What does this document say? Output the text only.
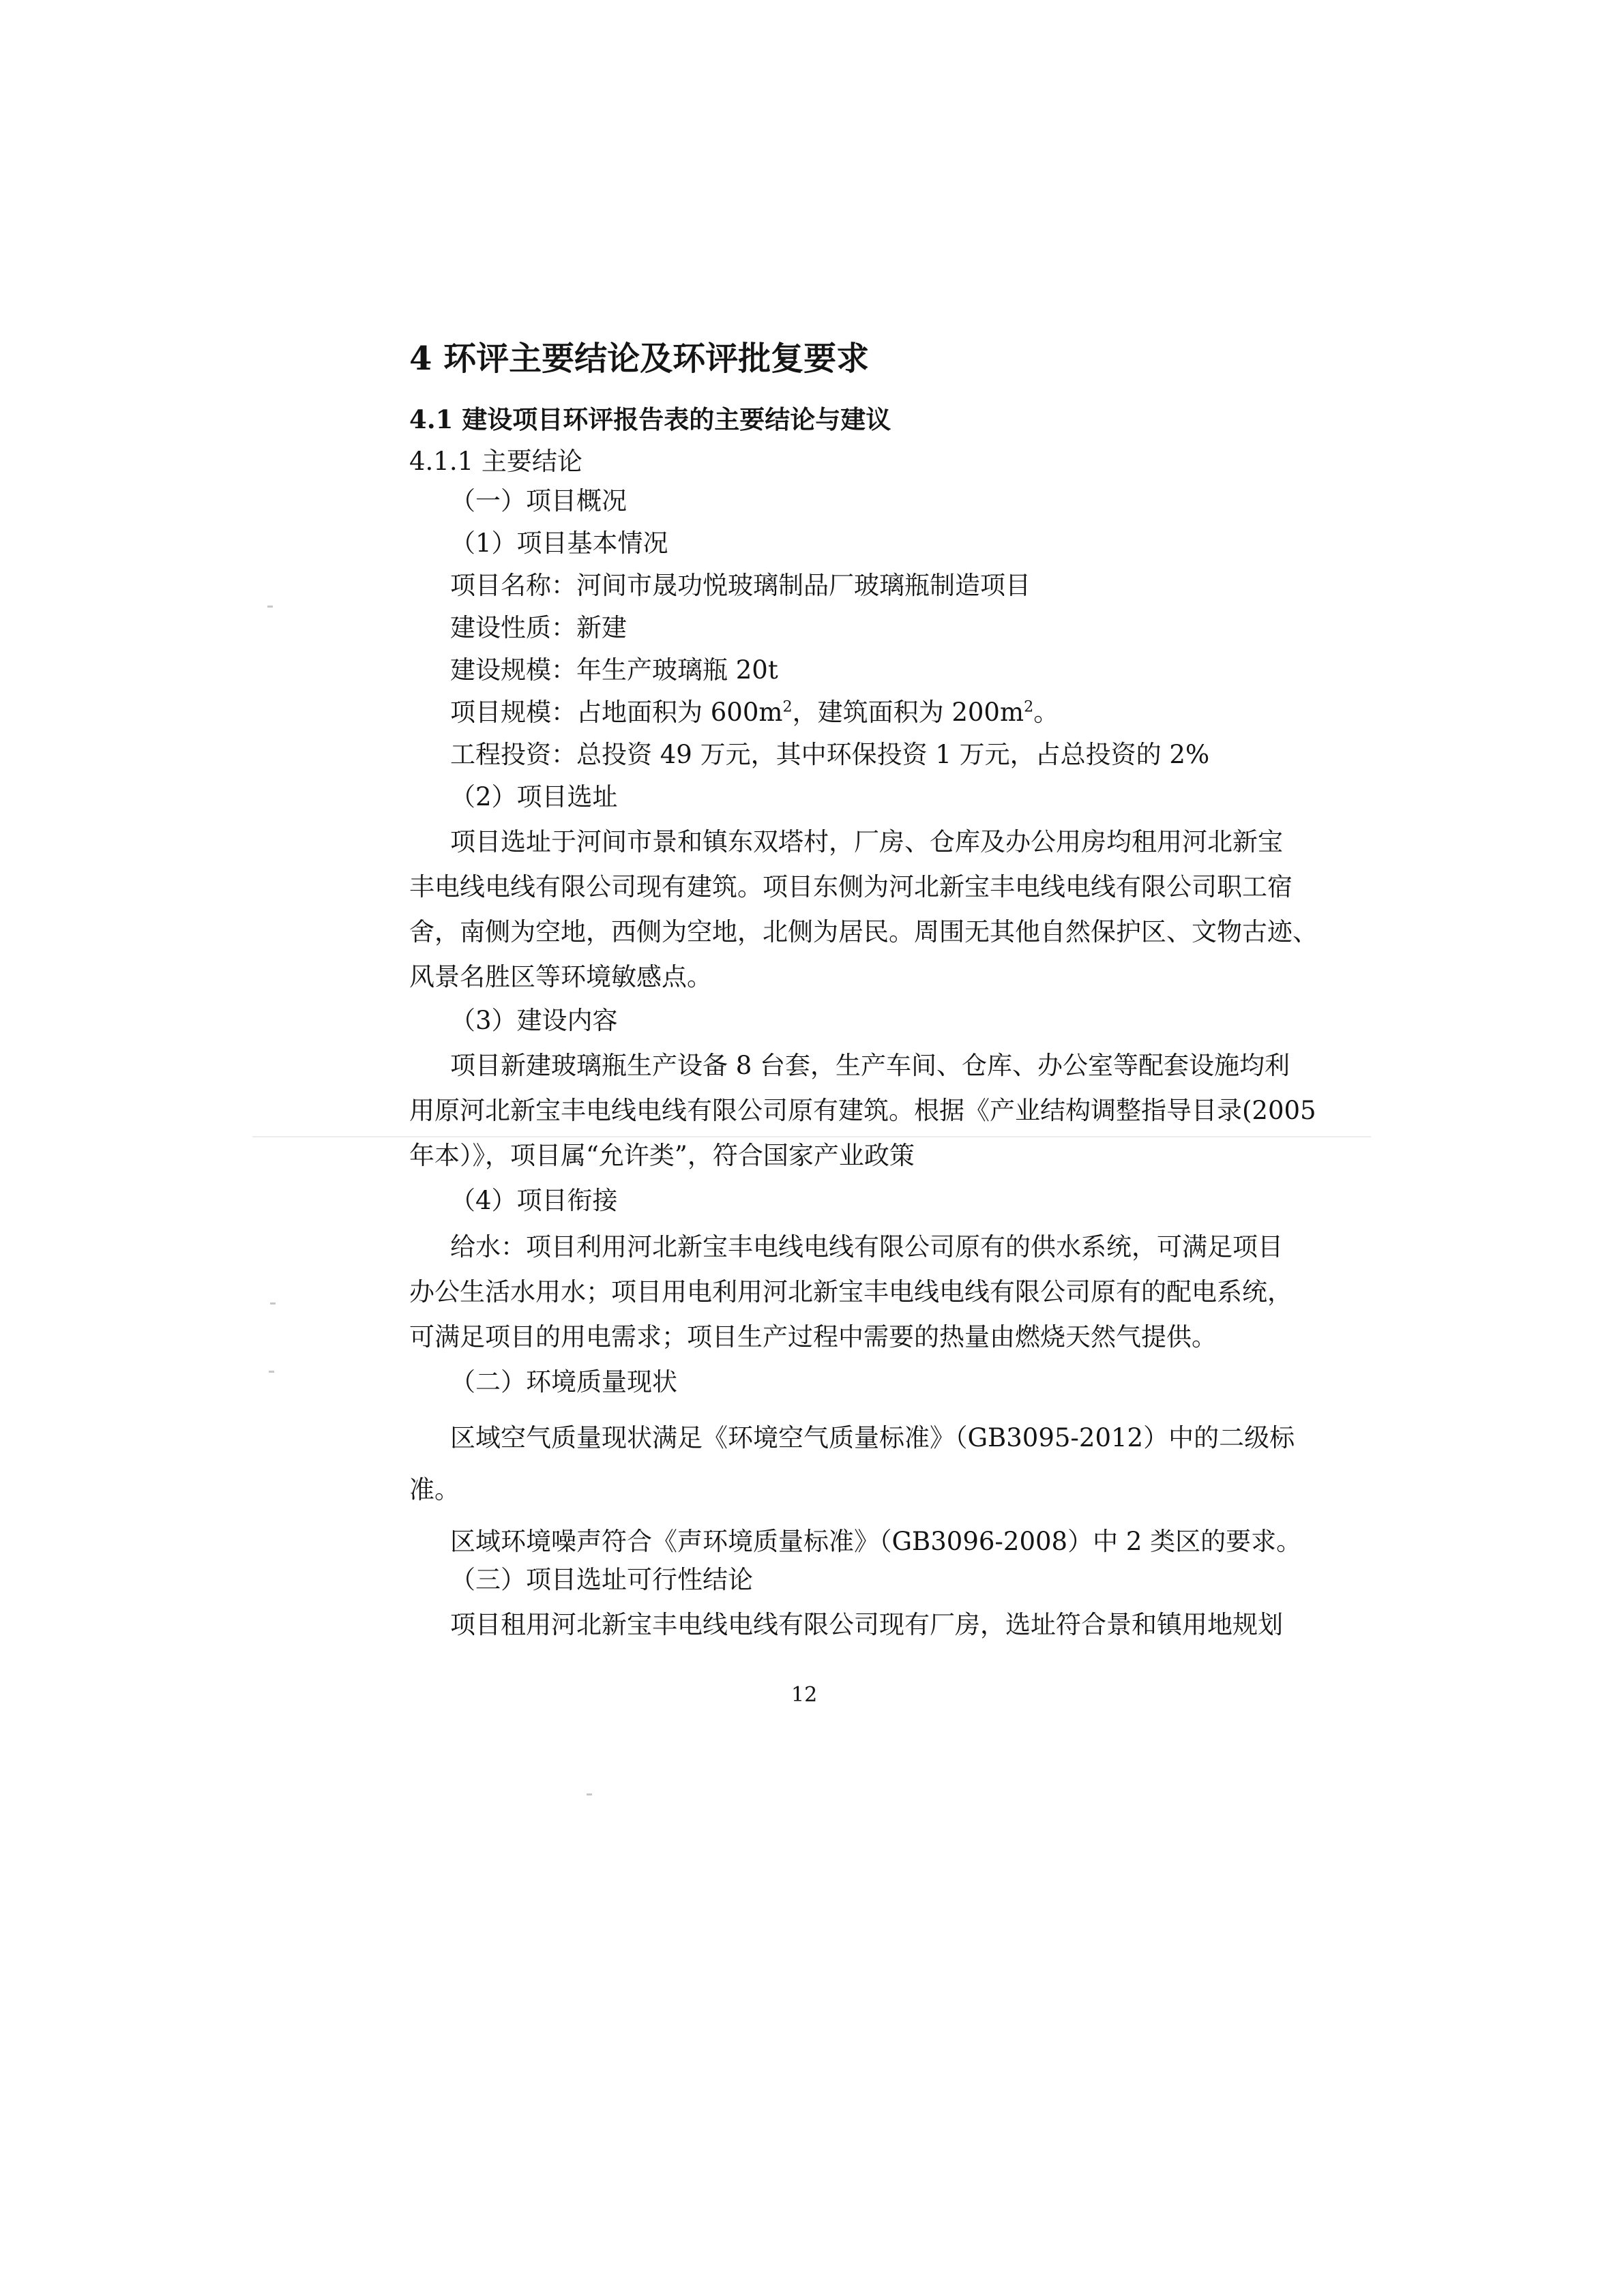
4 环评主要结论及环评批复要求
4.1 建设项目环评报告表的主要结论与建议
4.1.1 主要结论
（一）项目概况
（1）项目基本情况
项目名称：河间市晟功悦玻璃制品厂玻璃瓶制造项目
建设性质：新建
建设规模：年生产玻璃瓶 20t
项目规模：占地面积为 $600m^2$，建筑面积为 $200m^2$。
工程投资：总投资 49 万元，其中环保投资 1 万元，占总投资的 2%
（2）项目选址
项目选址于河间市景和镇东双塔村，厂房、仓库及办公用房均租用河北新宝
丰电线电线有限公司现有建筑。项目东侧为河北新宝丰电线电线有限公司职工宿
舍，南侧为空地，西侧为空地，北侧为居民。周围无其他自然保护区、文物古迹、
风景名胜区等环境敏感点。
（3）建设内容
项目新建玻璃瓶生产设备 8 台套，生产车间、仓库、办公室等配套设施均利
用原河北新宝丰电线电线有限公司原有建筑。根据《产业结构调整指导目录(2005
年本）》，项目属“允许类”，符合国家产业政策
（4）项目衔接
给水：项目利用河北新宝丰电线电线有限公司原有的供水系统，可满足项目
办公生活水用水；项目用电利用河北新宝丰电线电线有限公司原有的配电系统，
可满足项目的用电需求；项目生产过程中需要的热量由燃烧天然气提供。
（二）环境质量现状
区域空气质量现状满足《环境空气质量标准》（GB3095-2012）中的二级标
准。
区域环境噪声符合《声环境质量标准》（GB3096-2008）中 2 类区的要求。
（三）项目选址可行性结论
项目租用河北新宝丰电线电线有限公司现有厂房，选址符合景和镇用地规划
12
